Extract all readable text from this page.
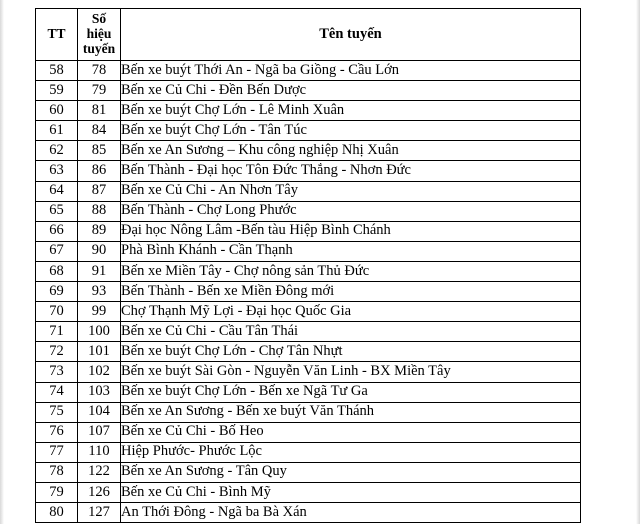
TT	Số
hiệu
tuyến	Tên tuyến
58	78	Bến xe buýt Thới An - Ngã ba Giồng - Cầu Lớn
59	79	Bến xe Củ Chi - Đền Bến Dược
60	81	Bến xe buýt Chợ Lớn - Lê Minh Xuân
61	84	Bến xe buýt Chợ Lớn - Tân Túc
62	85	Bến xe An Sương – Khu công nghiệp Nhị Xuân
63	86	Bến Thành - Đại học Tôn Đức Thắng - Nhơn Đức
64	87	Bến xe Củ Chi - An Nhơn Tây
65	88	Bến Thành - Chợ Long Phước
66	89	Đại học Nông Lâm -Bến tàu Hiệp Bình Chánh
67	90	Phà Bình Khánh - Cần Thạnh
68	91	Bến xe Miền Tây - Chợ nông sản Thủ Đức
69	93	Bến Thành - Bến xe Miền Đông mới
70	99	Chợ Thạnh Mỹ Lợi - Đại học Quốc Gia
71	100	Bến xe Củ Chi - Cầu Tân Thái
72	101	Bến xe buýt Chợ Lớn - Chợ Tân Nhựt
73	102	Bến xe buýt Sài Gòn - Nguyễn Văn Linh - BX Miền Tây
74	103	Bến xe buýt Chợ Lớn - Bến xe Ngã Tư Ga
75	104	Bến xe An Sương - Bến xe buýt Văn Thánh
76	107	Bến xe Củ Chi - Bố Heo
77	110	Hiệp Phước- Phước Lộc
78	122	Bến xe An Sương - Tân Quy
79	126	Bến xe Củ Chi - Bình Mỹ
80	127	An Thới Đông - Ngã ba Bà Xán
